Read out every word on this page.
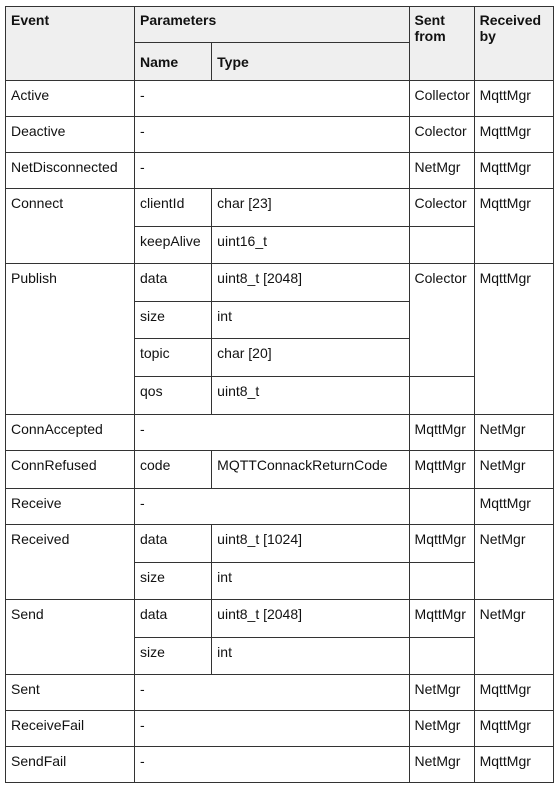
Event	Parameters		Sent from	Received by
	Name	Type		
Active	-		Collector	MqttMgr
Deactive	-		Colector	MqttMgr
NetDisconnected	-		NetMgr	MqttMgr
Connect	clientId	char [23]	Colector	MqttMgr
	keepAlive	uint16_t		
Publish	data	uint8_t [2048]	Colector	MqttMgr
	size	int		
	topic	char [20]		
	qos	uint8_t		
ConnAccepted	-		MqttMgr	NetMgr
ConnRefused	code	MQTTConnackReturnCode	MqttMgr	NetMgr
Receive	-			MqttMgr
Received	data	uint8_t [1024]	MqttMgr	NetMgr
	size	int		
Send	data	uint8_t [2048]	MqttMgr	NetMgr
	size	int		
Sent	-		NetMgr	MqttMgr
ReceiveFail	-		NetMgr	MqttMgr
SendFail	-		NetMgr	MqttMgr
